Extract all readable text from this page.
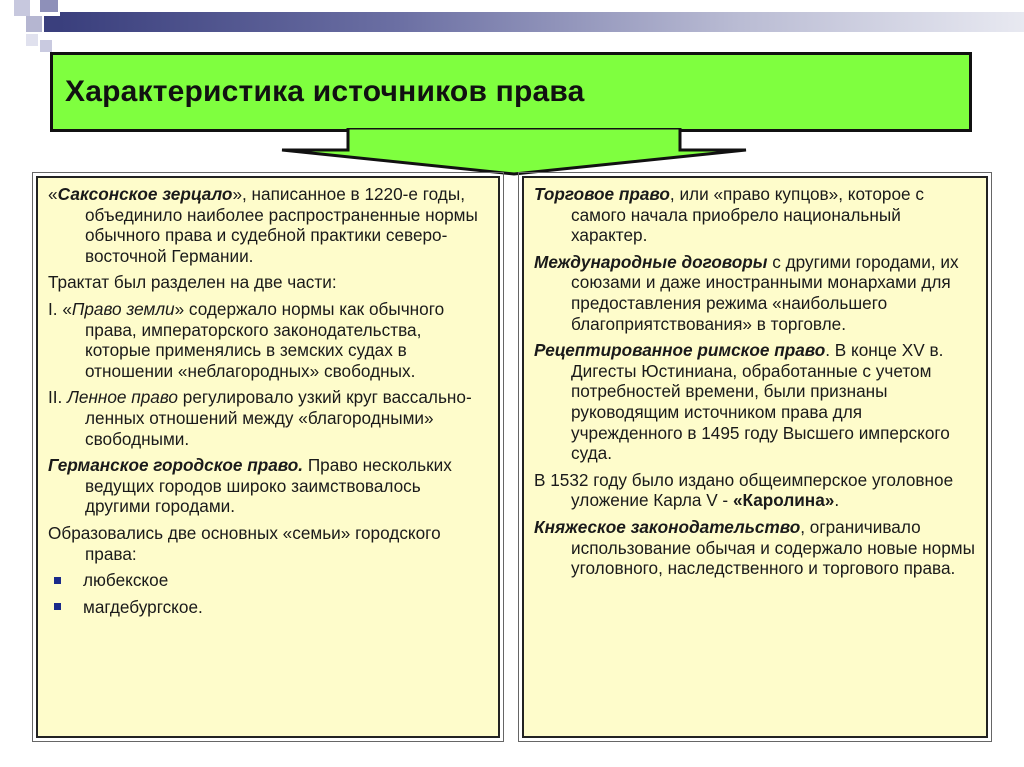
Характеристика источников права

«Саксонское зерцало», написанное в 1220-е годы, объединило наиболее распространенные нормы обычного права и судебной практики северо-восточной Германии.

Трактат был разделен на две части:

I. «Право земли» содержало нормы как обычного права, императорского законодательства, которые применялись в земских судах в отношении «неблагородных» свободных.

II. Ленное право регулировало узкий круг вассально-ленных отношений между «благородными» свободными.

Германское городское право. Право нескольких ведущих городов широко заимствовалось другими городами.

Образовались две основных «семьи» городского права:

любекское
магдебургское.

Торговое право, или «право купцов», которое с самого начала приобрело национальный характер.

Международные договоры с другими городами, их союзами и даже иностранными монархами для предоставления режима «наибольшего благоприятствования» в торговле.

Рецептированное римское право. В конце XV в. Дигесты Юстиниана, обработанные с учетом потребностей времени, были признаны руководящим источником права для учрежденного в 1495 году Высшего имперского суда.

В 1532 году было издано общеимперское уголовное уложение Карла V - «Каролина».

Княжеское законодательство, ограничивало использование обычая и содержало новые нормы уголовного, наследственного и торгового права.
